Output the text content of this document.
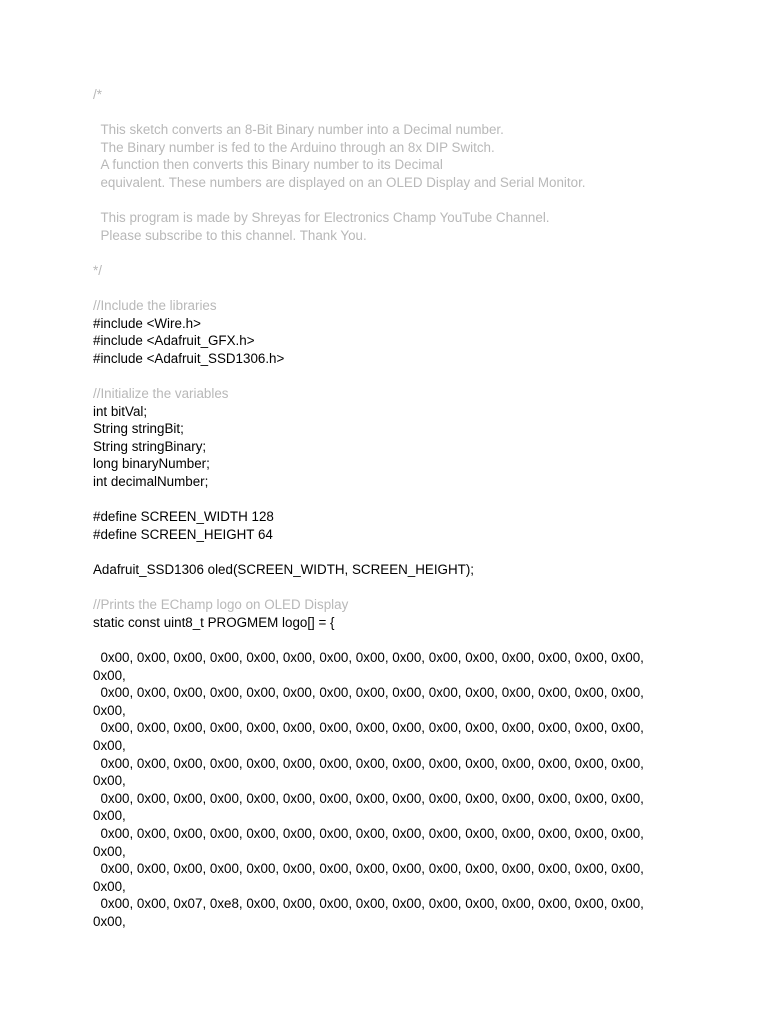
/*
This sketch converts an 8-Bit Binary number into a Decimal number.
The Binary number is fed to the Arduino through an 8x DIP Switch.
A function then converts this Binary number to its Decimal
equivalent. These numbers are displayed on an OLED Display and Serial Monitor.
This program is made by Shreyas for Electronics Champ YouTube Channel.
Please subscribe to this channel. Thank You.
*/
//Include the libraries
#include <Wire.h>
#include <Adafruit_GFX.h>
#include <Adafruit_SSD1306.h>
//Initialize the variables
int bitVal;
String stringBit;
String stringBinary;
long binaryNumber;
int decimalNumber;
#define SCREEN_WIDTH 128
#define SCREEN_HEIGHT 64
Adafruit_SSD1306 oled(SCREEN_WIDTH, SCREEN_HEIGHT);
//Prints the EChamp logo on OLED Display
static const uint8_t PROGMEM logo[] = {
0x00, 0x00, 0x00, 0x00, 0x00, 0x00, 0x00, 0x00, 0x00, 0x00, 0x00, 0x00, 0x00, 0x00, 0x00, 0x00,
0x00, 0x00, 0x00, 0x00, 0x00, 0x00, 0x00, 0x00, 0x00, 0x00, 0x00, 0x00, 0x00, 0x00, 0x00, 0x00,
0x00, 0x00, 0x00, 0x00, 0x00, 0x00, 0x00, 0x00, 0x00, 0x00, 0x00, 0x00, 0x00, 0x00, 0x00, 0x00,
0x00, 0x00, 0x00, 0x00, 0x00, 0x00, 0x00, 0x00, 0x00, 0x00, 0x00, 0x00, 0x00, 0x00, 0x00, 0x00,
0x00, 0x00, 0x00, 0x00, 0x00, 0x00, 0x00, 0x00, 0x00, 0x00, 0x00, 0x00, 0x00, 0x00, 0x00, 0x00,
0x00, 0x00, 0x00, 0x00, 0x00, 0x00, 0x00, 0x00, 0x00, 0x00, 0x00, 0x00, 0x00, 0x00, 0x00, 0x00,
0x00, 0x00, 0x00, 0x00, 0x00, 0x00, 0x00, 0x00, 0x00, 0x00, 0x00, 0x00, 0x00, 0x00, 0x00, 0x00,
0x00, 0x00, 0x07, 0xe8, 0x00, 0x00, 0x00, 0x00, 0x00, 0x00, 0x00, 0x00, 0x00, 0x00, 0x00, 0x00,
